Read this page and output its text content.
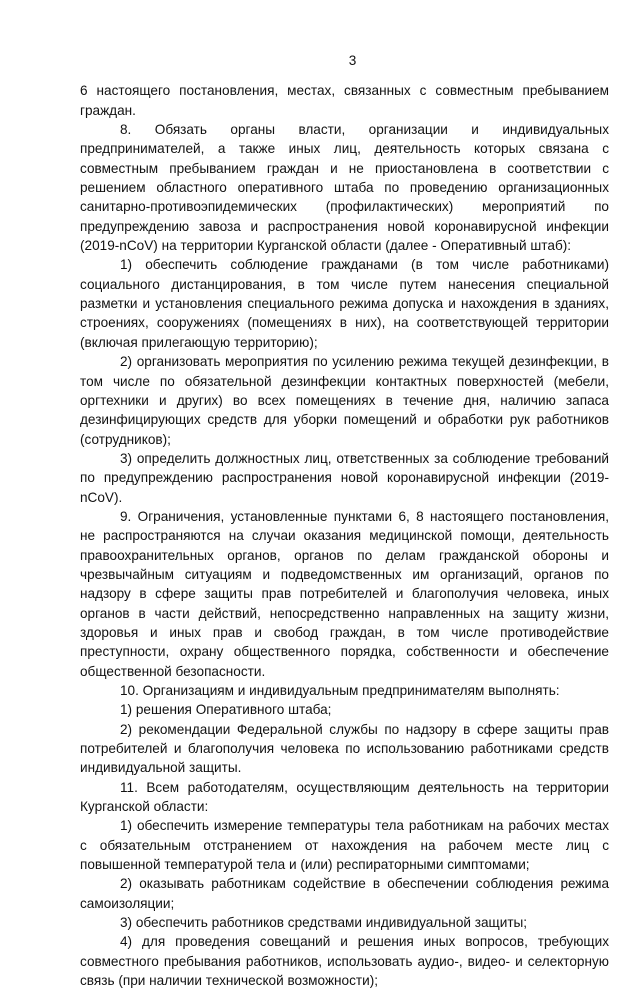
3

6 настоящего постановления, местах, связанных с совместным пребыванием граждан.

8. Обязать органы власти, организации и индивидуальных предпринимателей, а также иных лиц, деятельность которых связана с совместным пребыванием граждан и не приостановлена в соответствии с решением областного оперативного штаба по проведению организационных санитарно-противоэпидемических (профилактических) мероприятий по предупреждению завоза и распространения новой коронавирусной инфекции (2019-nCoV) на территории Курганской области (далее - Оперативный штаб):

1) обеспечить соблюдение гражданами (в том числе работниками) социального дистанцирования, в том числе путем нанесения специальной разметки и установления специального режима допуска и нахождения в зданиях, строениях, сооружениях (помещениях в них), на соответствующей территории (включая прилегающую территорию);

2) организовать мероприятия по усилению режима текущей дезинфекции, в том числе по обязательной дезинфекции контактных поверхностей (мебели, оргтехники и других) во всех помещениях в течение дня, наличию запаса дезинфицирующих средств для уборки помещений и обработки рук работников (сотрудников);

3) определить должностных лиц, ответственных за соблюдение требований по предупреждению распространения новой коронавирусной инфекции (2019-nCoV).

9. Ограничения, установленные пунктами 6, 8 настоящего постановления, не распространяются на случаи оказания медицинской помощи, деятельность правоохранительных органов, органов по делам гражданской обороны и чрезвычайным ситуациям и подведомственных им организаций, органов по надзору в сфере защиты прав потребителей и благополучия человека, иных органов в части действий, непосредственно направленных на защиту жизни, здоровья и иных прав и свобод граждан, в том числе противодействие преступности, охрану общественного порядка, собственности и обеспечение общественной безопасности.

10. Организациям и индивидуальным предпринимателям выполнять:

1) решения Оперативного штаба;

2) рекомендации Федеральной службы по надзору в сфере защиты прав потребителей и благополучия человека по использованию работниками средств индивидуальной защиты.

11. Всем работодателям, осуществляющим деятельность на территории Курганской области:

1) обеспечить измерение температуры тела работникам на рабочих местах с обязательным отстранением от нахождения на рабочем месте лиц с повышенной температурой тела и (или) респираторными симптомами;

2) оказывать работникам содействие в обеспечении соблюдения режима самоизоляции;

3) обеспечить работников средствами индивидуальной защиты;

4) для проведения совещаний и решения иных вопросов, требующих совместного пребывания работников, использовать аудио-, видео- и селекторную связь (при наличии технической возможности);
